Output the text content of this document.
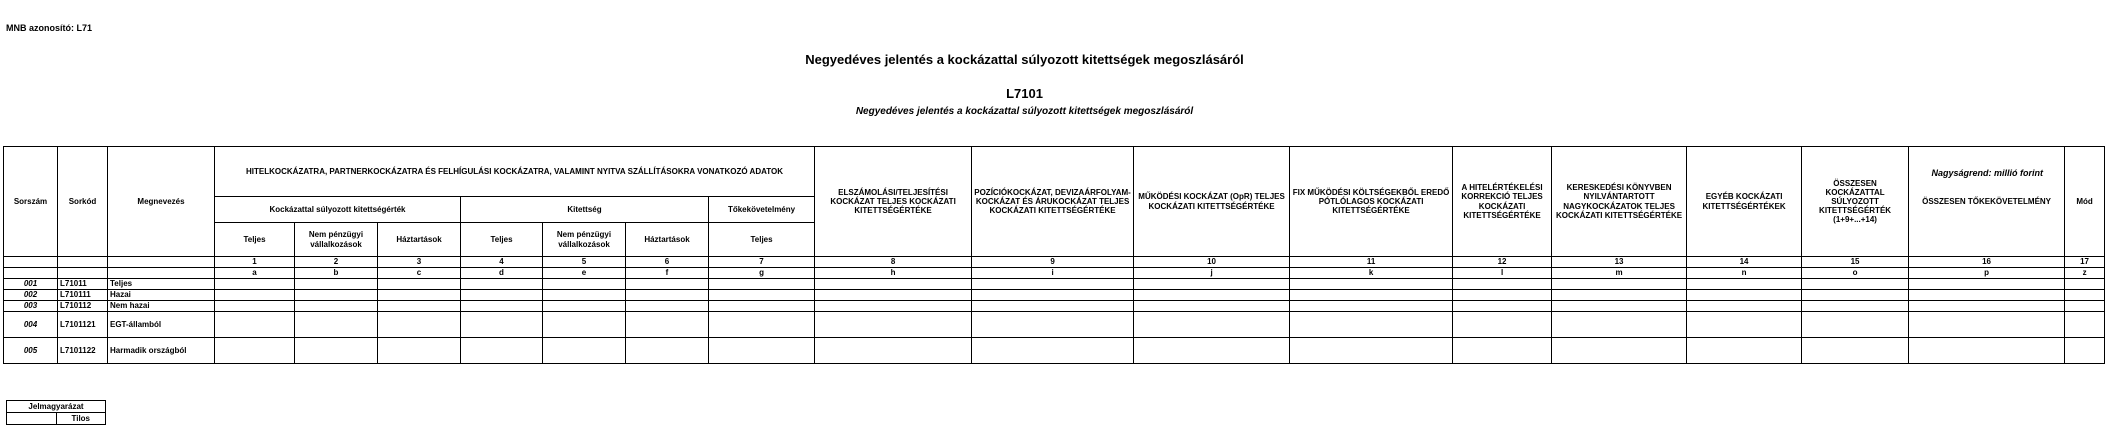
MNB azonosító: L71
Negyedéves jelentés a kockázattal súlyozott kitettségek megoszlásáról
L7101
Negyedéves jelentés a kockázattal súlyozott kitettségek megoszlásáról
Nagyságrend: millió forint
Sorszám	Sorkód	Megnevezés	HITELKOCKÁZATRA, PARTNERKOCKÁZATRA ÉS FELHÍGULÁSI KOCKÁZATRA, VALAMINT NYITVA SZÁLLÍTÁSOKRA VONATKOZÓ ADATOK							ELSZÁMOLÁSI/TELJESÍTÉSI KOCKÁZAT TELJES KOCKÁZATI KITETTSÉGÉRTÉKE	POZÍCIÓKOCKÁZAT, DEVIZAÁRFOLYAM-KOCKÁZAT ÉS ÁRUKOCKÁZAT TELJES KOCKÁZATI KITETTSÉGÉRTÉKE	MŰKÖDÉSI KOCKÁZAT (OpR) TELJES KOCKÁZATI KITETTSÉGÉRTÉKE	FIX MŰKÖDÉSI KÖLTSÉGEKBŐL EREDŐ PÓTLÓLAGOS KOCKÁZATI KITETTSÉGÉRTÉKE	A HITELÉRTÉKELÉSI KORREKCIÓ TELJES KOCKÁZATI KITETTSÉGÉRTÉKE	KERESKEDÉSI KÖNYVBEN NYILVÁNTARTOTT NAGYKOCKÁZATOK TELJES KOCKÁZATI KITETTSÉGÉRTÉKE	EGYÉB KOCKÁZATI KITETTSÉGÉRTÉKEK	ÖSSZESEN KOCKÁZATTAL SÚLYOZOTT KITETTSÉGÉRTÉK (1+9+...+14)	ÖSSZESEN TŐKEKÖVETELMÉNY	Mód
			Kockázattal súlyozott kitettségérték			Kitettség			Tőkekövetelmény										
			Teljes	Nem pénzügyi vállalkozások	Háztartások	Teljes	Nem pénzügyi vállalkozások	Háztartások	Teljes										
			1	2	3	4	5	6	7	8	9	10	11	12	13	14	15	16	17
			a	b	c	d	e	f	g	h	i	j	k	l	m	n	o	p	z
001	L71011	Teljes																	
002	L710111	Hazai																	
003	L710112	Nem hazai																	
004	L7101121	EGT-államból																	
005	L7101122	Harmadik országból																	
Jelmagyarázat
	Tilos
